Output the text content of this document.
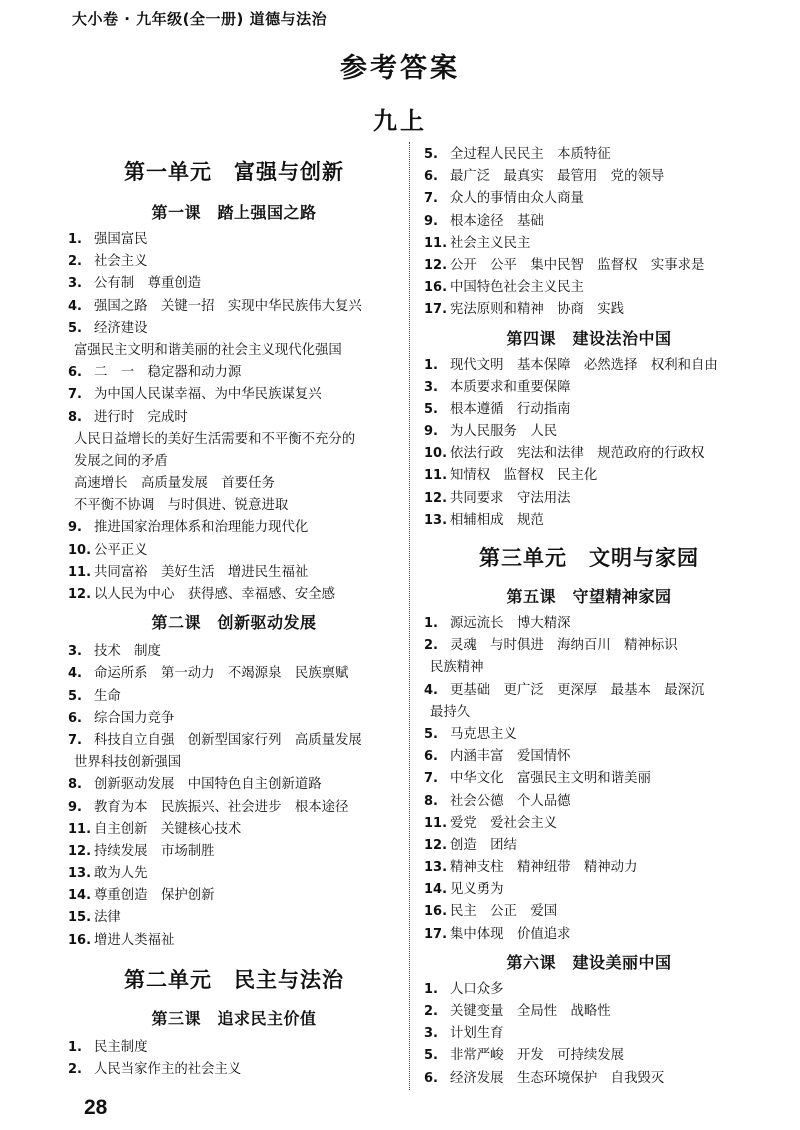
大小卷 · 九年级(全一册) 道德与法治
参考答案
九上
第一单元　富强与创新
第一课　踏上强国之路
1. 强国富民
2. 社会主义
3. 公有制　尊重创造
4. 强国之路　关键一招　实现中华民族伟大复兴
5. 经济建设
富强民主文明和谐美丽的社会主义现代化强国
6. 二　一　稳定器和动力源
7. 为中国人民谋幸福、为中华民族谋复兴
8. 进行时　完成时
人民日益增长的美好生活需要和不平衡不充分的
发展之间的矛盾
高速增长　高质量发展　首要任务
不平衡不协调　与时俱进、锐意进取
9. 推进国家治理体系和治理能力现代化
10. 公平正义
11. 共同富裕　美好生活　增进民生福祉
12. 以人民为中心　获得感、幸福感、安全感
第二课　创新驱动发展
3. 技术　制度
4. 命运所系　第一动力　不竭源泉　民族禀赋
5. 生命
6. 综合国力竞争
7. 科技自立自强　创新型国家行列　高质量发展
世界科技创新强国
8. 创新驱动发展　中国特色自主创新道路
9. 教育为本　民族振兴、社会进步　根本途径
11. 自主创新　关键核心技术
12. 持续发展　市场制胜
13. 敢为人先
14. 尊重创造　保护创新
15. 法律
16. 增进人类福祉
第二单元　民主与法治
第三课　追求民主价值
1. 民主制度
2. 人民当家作主的社会主义
5. 全过程人民民主　本质特征
6. 最广泛　最真实　最管用　党的领导
7. 众人的事情由众人商量
9. 根本途径　基础
11. 社会主义民主
12. 公开　公平　集中民智　监督权　实事求是
16. 中国特色社会主义民主
17. 宪法原则和精神　协商　实践
第四课　建设法治中国
1. 现代文明　基本保障　必然选择　权利和自由
3. 本质要求和重要保障
5. 根本遵循　行动指南
9. 为人民服务　人民
10. 依法行政　宪法和法律　规范政府的行政权
11. 知情权　监督权　民主化
12. 共同要求　守法用法
13. 相辅相成　规范
第三单元　文明与家园
第五课　守望精神家园
1. 源远流长　博大精深
2. 灵魂　与时俱进　海纳百川　精神标识
民族精神
4. 更基础　更广泛　更深厚　最基本　最深沉
最持久
5. 马克思主义
6. 内涵丰富　爱国情怀
7. 中华文化　富强民主文明和谐美丽
8. 社会公德　个人品德
11. 爱党　爱社会主义
12. 创造　团结
13. 精神支柱　精神纽带　精神动力
14. 见义勇为
16. 民主　公正　爱国
17. 集中体现　价值追求
第六课　建设美丽中国
1. 人口众多
2. 关键变量　全局性　战略性
3. 计划生育
5. 非常严峻　开发　可持续发展
6. 经济发展　生态环境保护　自我毁灭
28
